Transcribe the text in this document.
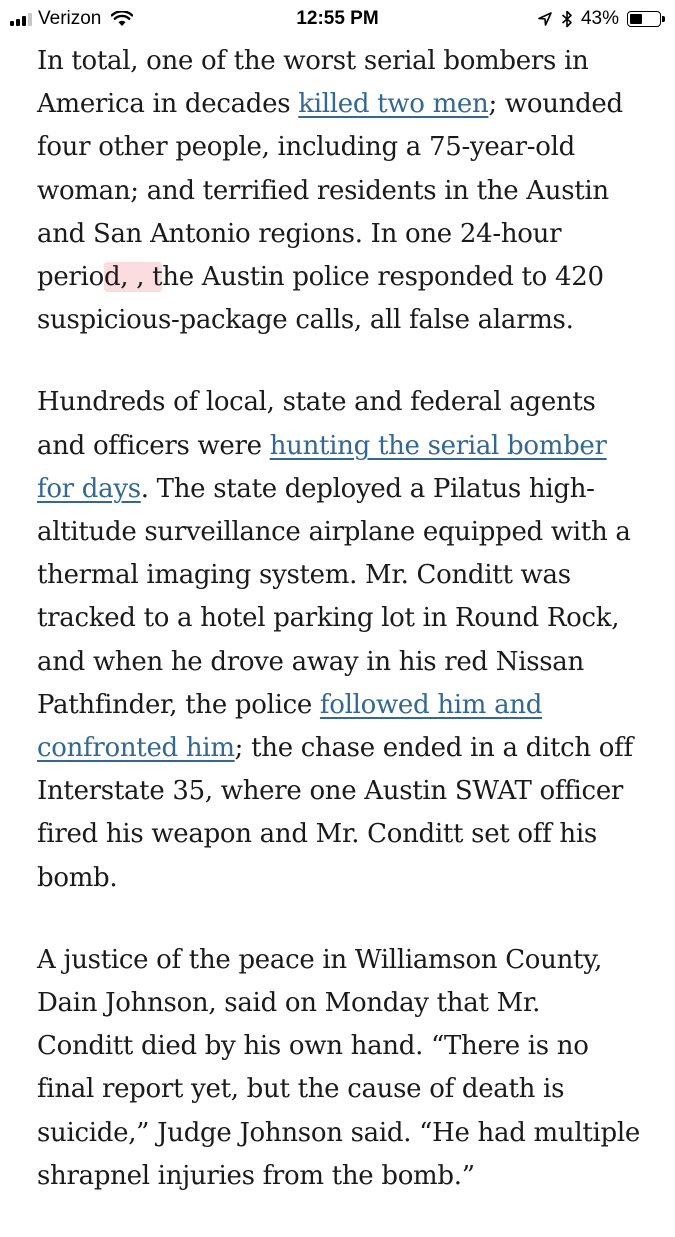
Verizon	12:55 PM	43%

In total, one of the worst serial bombers in America in decades killed two men; wounded four other people, including a 75-year-old woman; and terrified residents in the Austin and San Antonio regions. In one 24-hour period, , the Austin police responded to 420 suspicious-package calls, all false alarms.

Hundreds of local, state and federal agents and officers were hunting the serial bomber for days. The state deployed a Pilatus high-altitude surveillance airplane equipped with a thermal imaging system. Mr. Conditt was tracked to a hotel parking lot in Round Rock, and when he drove away in his red Nissan Pathfinder, the police followed him and confronted him; the chase ended in a ditch off Interstate 35, where one Austin SWAT officer fired his weapon and Mr. Conditt set off his bomb.

A justice of the peace in Williamson County, Dain Johnson, said on Monday that Mr. Conditt died by his own hand. “There is no final report yet, but the cause of death is suicide,” Judge Johnson said. “He had multiple shrapnel injuries from the bomb.”
